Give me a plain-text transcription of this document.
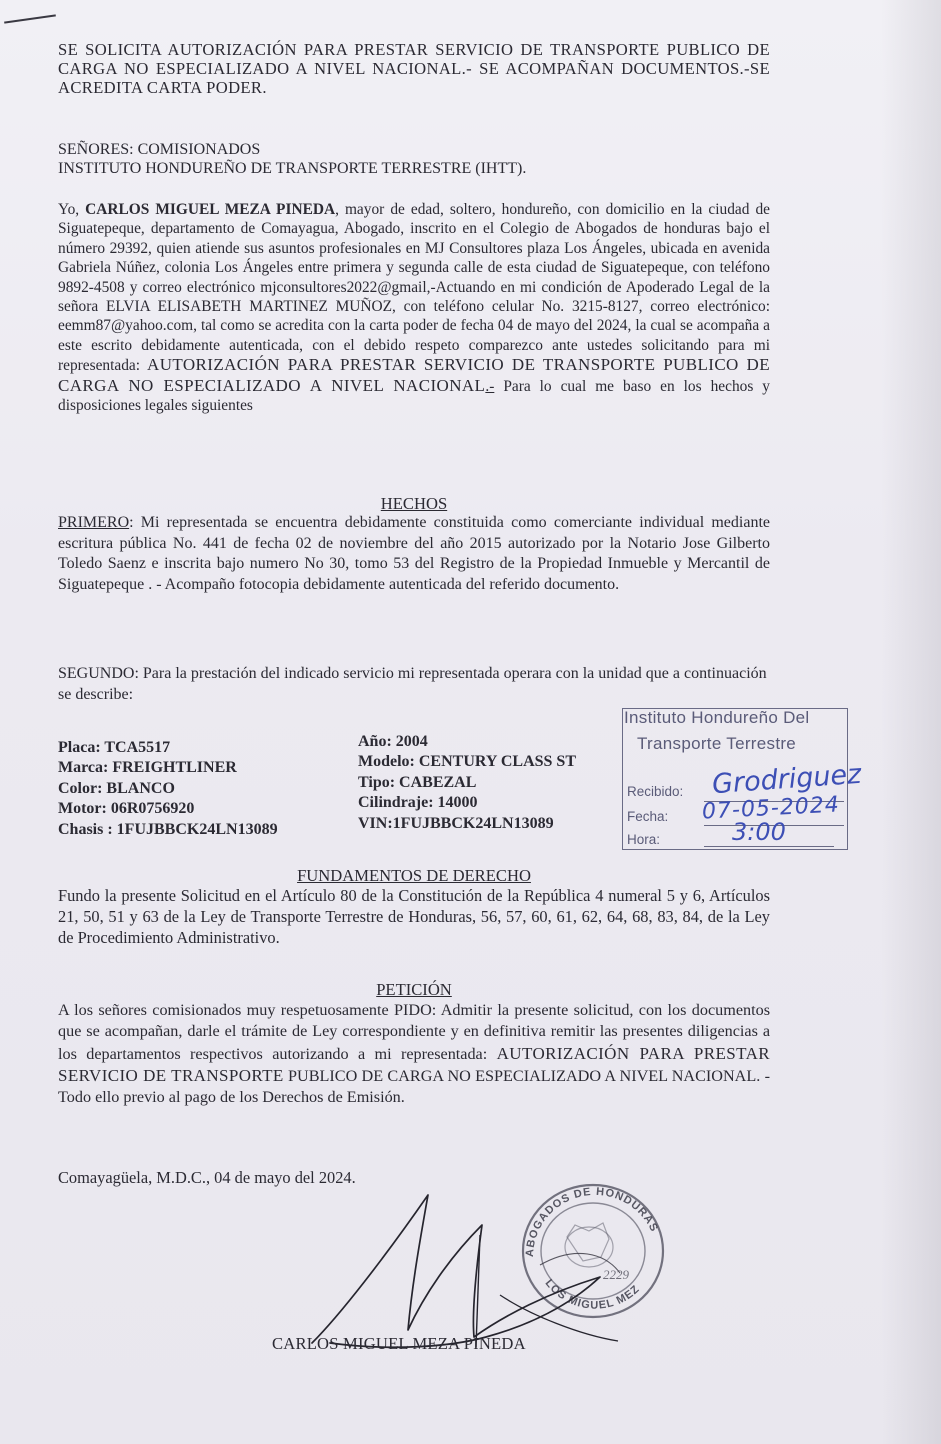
SE SOLICITA AUTORIZACIÓN PARA PRESTAR SERVICIO DE TRANSPORTE PUBLICO DE CARGA NO ESPECIALIZADO A NIVEL NACIONAL.- SE ACOMPAÑAN DOCUMENTOS.-SE ACREDITA CARTA PODER.

SEÑORES: COMISIONADOS
INSTITUTO HONDUREÑO DE TRANSPORTE TERRESTRE (IHTT).

Yo, CARLOS MIGUEL MEZA PINEDA, mayor de edad, soltero, hondureño, con domicilio en la ciudad de Siguatepeque, departamento de Comayagua, Abogado, inscrito en el Colegio de Abogados de honduras bajo el número 29392, quien atiende sus asuntos profesionales en MJ Consultores plaza Los Ángeles, ubicada en avenida Gabriela Núñez, colonia Los Ángeles entre primera y segunda calle de esta ciudad de Siguatepeque, con teléfono 9892-4508 y correo electrónico mjconsultores2022@gmail,-Actuando en mi condición de Apoderado Legal de la señora ELVIA ELISABETH MARTINEZ MUÑOZ, con teléfono celular No. 3215-8127, correo electrónico: eemm87@yahoo.com, tal como se acredita con la carta poder de fecha 04 de mayo del 2024, la cual se acompaña a este escrito debidamente autenticada, con el debido respeto comparezco ante ustedes solicitando para mi representada: AUTORIZACIÓN PARA PRESTAR SERVICIO DE TRANSPORTE PUBLICO DE CARGA NO ESPECIALIZADO A NIVEL NACIONAL.- Para lo cual me baso en los hechos y disposiciones legales siguientes

HECHOS

PRIMERO: Mi representada se encuentra debidamente constituida como comerciante individual mediante escritura pública No. 441 de fecha 02 de noviembre del año 2015 autorizado por la Notario Jose Gilberto Toledo Saenz e inscrita bajo numero No 30, tomo 53 del Registro de la Propiedad Inmueble y Mercantil de Siguatepeque . - Acompaño fotocopia debidamente autenticada del referido documento.

SEGUNDO: Para la prestación del indicado servicio mi representada operara con la unidad que a continuación se describe:

Placa: TCA5517
Marca: FREIGHTLINER
Color: BLANCO
Motor: 06R0756920
Chasis : 1FUJBBCK24LN13089
Año: 2004
Modelo: CENTURY CLASS ST
Tipo: CABEZAL
Cilindraje: 14000
VIN:1FUJBBCK24LN13089
Instituto Hondureño Del
Transporte Terrestre
Recibido: Grodriguez
Fecha: 07-05-2024
Hora:	3:00
FUNDAMENTOS DE DERECHO

Fundo la presente Solicitud en el Artículo 80 de la Constitución de la República 4 numeral 5 y 6, Artículos 21, 50, 51 y 63 de la Ley de Transporte Terrestre de Honduras, 56, 57, 60, 61, 62, 64, 68, 83, 84, de la Ley de Procedimiento Administrativo.

PETICIÓN

A los señores comisionados muy respetuosamente PIDO: Admitir la presente solicitud, con los documentos que se acompañan, darle el trámite de Ley correspondiente y en definitiva remitir las presentes diligencias a los departamentos respectivos autorizando a mi representada: AUTORIZACIÓN PARA PRESTAR SERVICIO DE TRANSPORTE PUBLICO DE CARGA NO ESPECIALIZADO A NIVEL NACIONAL. - Todo ello previo al pago de los Derechos de Emisión.

Comayagüela, M.D.C., 04 de mayo del 2024.

ABOGADOS DE HONDURAS
LOS MIGUEL MEZ
2229
CARLOS MIGUEL MEZA PINEDA
